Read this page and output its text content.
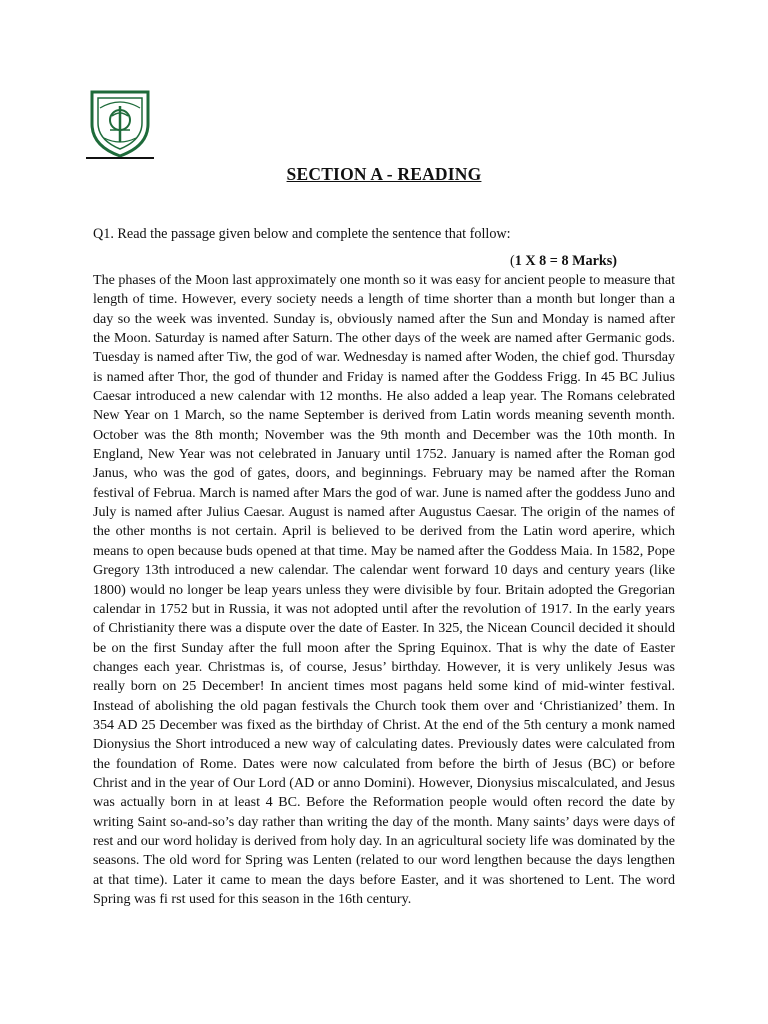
SECTION A - READING
Q1. Read the passage given below and complete the sentence that follow:
(1 X 8 = 8 Marks)

The phases of the Moon last approximately one month so it was easy for ancient people to measure that length of time. However, every society needs a length of time shorter than a month but longer than a day so the week was invented. Sunday is, obviously named after the Sun and Monday is named after the Moon. Saturday is named after Saturn. The other days of the week are named after Germanic gods. Tuesday is named after Tiw, the god of war. Wednesday is named after Woden, the chief god. Thursday is named after Thor, the god of thunder and Friday is named after the Goddess Frigg. In 45 BC Julius Caesar introduced a new calendar with 12 months. He also added a leap year. The Romans celebrated New Year on 1 March, so the name September is derived from Latin words meaning seventh month. October was the 8th month; November was the 9th month and December was the 10th month. In England, New Year was not celebrated in January until 1752. January is named after the Roman god Janus, who was the god of gates, doors, and beginnings. February may be named after the Roman festival of Februa. March is named after Mars the god of war. June is named after the goddess Juno and July is named after Julius Caesar. August is named after Augustus Caesar. The origin of the names of the other months is not certain. April is believed to be derived from the Latin word aperire, which means to open because buds opened at that time. May be named after the Goddess Maia. In 1582, Pope Gregory 13th introduced a new calendar. The calendar went forward 10 days and century years (like 1800) would no longer be leap years unless they were divisible by four. Britain adopted the Gregorian calendar in 1752 but in Russia, it was not adopted until after the revolution of 1917. In the early years of Christianity there was a dispute over the date of Easter. In 325, the Nicean Council decided it should be on the first Sunday after the full moon after the Spring Equinox. That is why the date of Easter changes each year. Christmas is, of course, Jesus’ birthday. However, it is very unlikely Jesus was really born on 25 December! In ancient times most pagans held some kind of mid-winter festival. Instead of abolishing the old pagan festivals the Church took them over and ‘Christianized’ them. In 354 AD 25 December was fixed as the birthday of Christ. At the end of the 5th century a monk named Dionysius the Short introduced a new way of calculating dates. Previously dates were calculated from the foundation of Rome. Dates were now calculated from before the birth of Jesus (BC) or before Christ and in the year of Our Lord (AD or anno Domini). However, Dionysius miscalculated, and Jesus was actually born in at least 4 BC. Before the Reformation people would often record the date by writing Saint so-and-so’s day rather than writing the day of the month. Many saints’ days were days of rest and our word holiday is derived from holy day. In an agricultural society life was dominated by the seasons. The old word for Spring was Lenten (related to our word lengthen because the days lengthen at that time). Later it came to mean the days before Easter, and it was shortened to Lent. The word Spring was fi rst used for this season in the 16th century.
